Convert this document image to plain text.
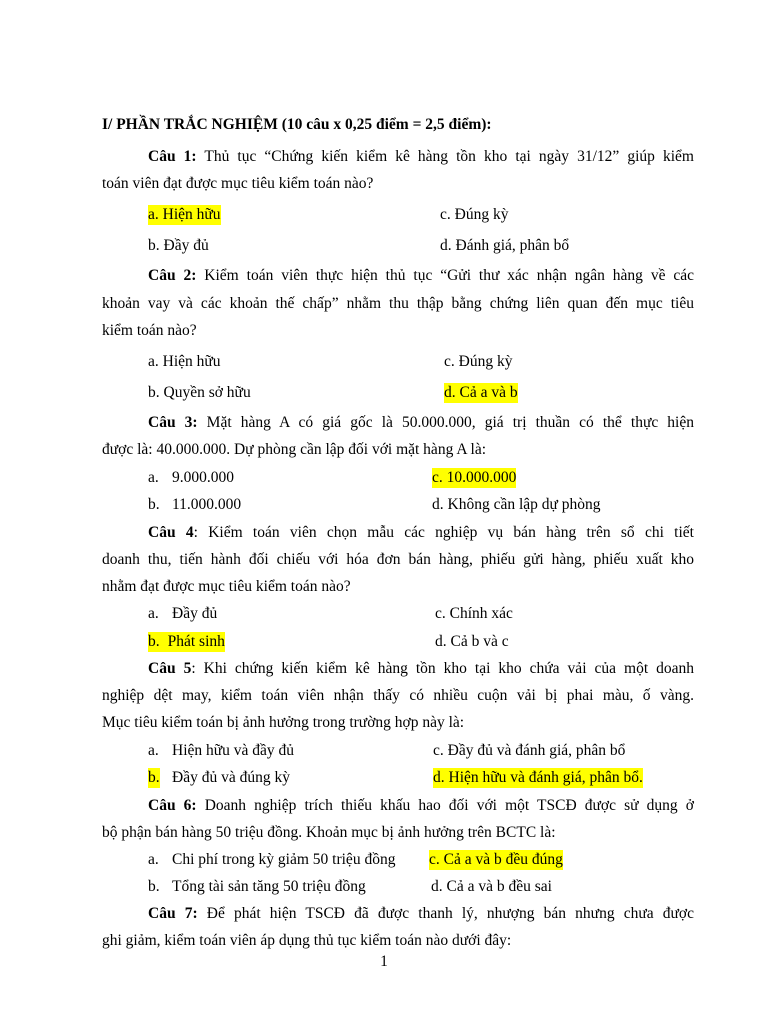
I/ PHẦN TRẮC NGHIỆM (10 câu x 0,25 điểm = 2,5 điểm):
Câu 1: Thủ tục “Chứng kiến kiểm kê hàng tồn kho tại ngày 31/12” giúp kiểm
toán viên đạt được mục tiêu kiểm toán nào?
a. Hiện hữu	c. Đúng kỳ
b. Đầy đủ	d. Đánh giá, phân bổ
Câu 2: Kiểm toán viên thực hiện thủ tục “Gửi thư xác nhận ngân hàng về các
khoản vay và các khoản thế chấp” nhằm thu thập bằng chứng liên quan đến mục tiêu
kiểm toán nào?
a. Hiện hữu	c. Đúng kỳ
b. Quyền sở hữu	d. Cả a và b
Câu 3: Mặt hàng A có giá gốc là 50.000.000, giá trị thuần có thể thực hiện
được là: 40.000.000. Dự phòng cần lập đối với mặt hàng A là:
a. 9.000.000	c. 10.000.000
b. 11.000.000	d. Không cần lập dự phòng
Câu 4: Kiểm toán viên chọn mẫu các nghiệp vụ bán hàng trên sổ chi tiết
doanh thu, tiến hành đối chiếu với hóa đơn bán hàng, phiếu gửi hàng, phiếu xuất kho
nhằm đạt được mục tiêu kiểm toán nào?
a. Đầy đủ	c. Chính xác
b. Phát sinh	d. Cả b và c
Câu 5: Khi chứng kiến kiểm kê hàng tồn kho tại kho chứa vải của một doanh
nghiệp dệt may, kiểm toán viên nhận thấy có nhiều cuộn vải bị phai màu, ố vàng.
Mục tiêu kiểm toán bị ảnh hưởng trong trường hợp này là:
a. Hiện hữu và đầy đủ	c. Đầy đủ và đánh giá, phân bổ
b. Đầy đủ và đúng kỳ	d. Hiện hữu và đánh giá, phân bổ.
Câu 6: Doanh nghiệp trích thiếu khấu hao đối với một TSCĐ được sử dụng ở
bộ phận bán hàng 50 triệu đồng. Khoản mục bị ảnh hưởng trên BCTC là:
a. Chi phí trong kỳ giảm 50 triệu đồng c. Cả a và b đều đúng
b. Tổng tài sản tăng 50 triệu đồng	d. Cả a và b đều sai
Câu 7: Để phát hiện TSCĐ đã được thanh lý, nhượng bán nhưng chưa được
ghi giảm, kiểm toán viên áp dụng thủ tục kiểm toán nào dưới đây:
1
